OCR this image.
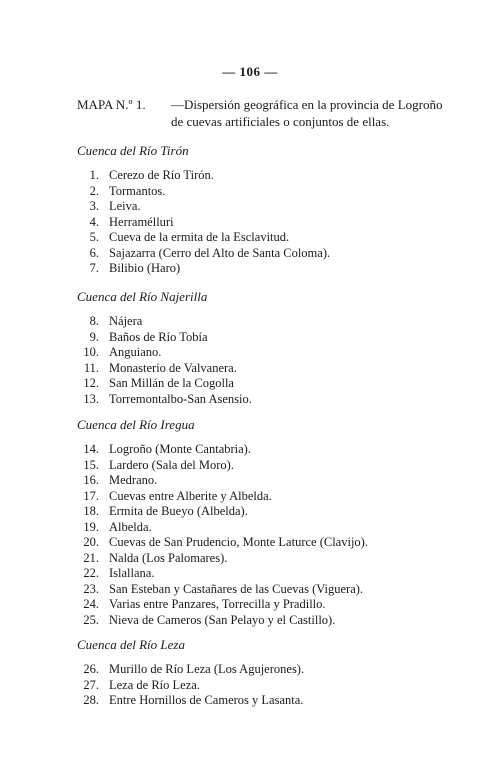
— 106 —
MAPA N.º 1.	—Dispersión geográfica en la provincia de Logroño de cuevas artificiales o conjuntos de ellas.
Cuenca del Río Tirón
1. Cerezo de Río Tirón.
2. Tormantos.
3. Leiva.
4. Herramélluri
5. Cueva de la ermita de la Esclavitud.
6. Sajazarra (Cerro del Alto de Santa Coloma).
7. Bilibio (Haro)
Cuenca del Río Najerilla
8. Nájera
9. Baños de Río Tobía
10. Anguiano.
11. Monasterio de Valvanera.
12. San Millán de la Cogolla
13. Torremontalbo-San Asensio.
Cuenca del Río Iregua
14. Logroño (Monte Cantabria).
15. Lardero (Sala del Moro).
16. Medrano.
17. Cuevas entre Alberite y Albelda.
18. Ermita de Bueyo (Albelda).
19. Albelda.
20. Cuevas de San Prudencio, Monte Laturce (Clavijo).
21. Nalda (Los Palomares).
22. Islallana.
23. San Esteban y Castañares de las Cuevas (Viguera).
24. Varias entre Panzares, Torrecilla y Pradillo.
25. Nieva de Cameros (San Pelayo y el Castillo).
Cuenca del Río Leza
26. Murillo de Río Leza (Los Agujerones).
27. Leza de Río Leza.
28. Entre Hornillos de Cameros y Lasanta.
